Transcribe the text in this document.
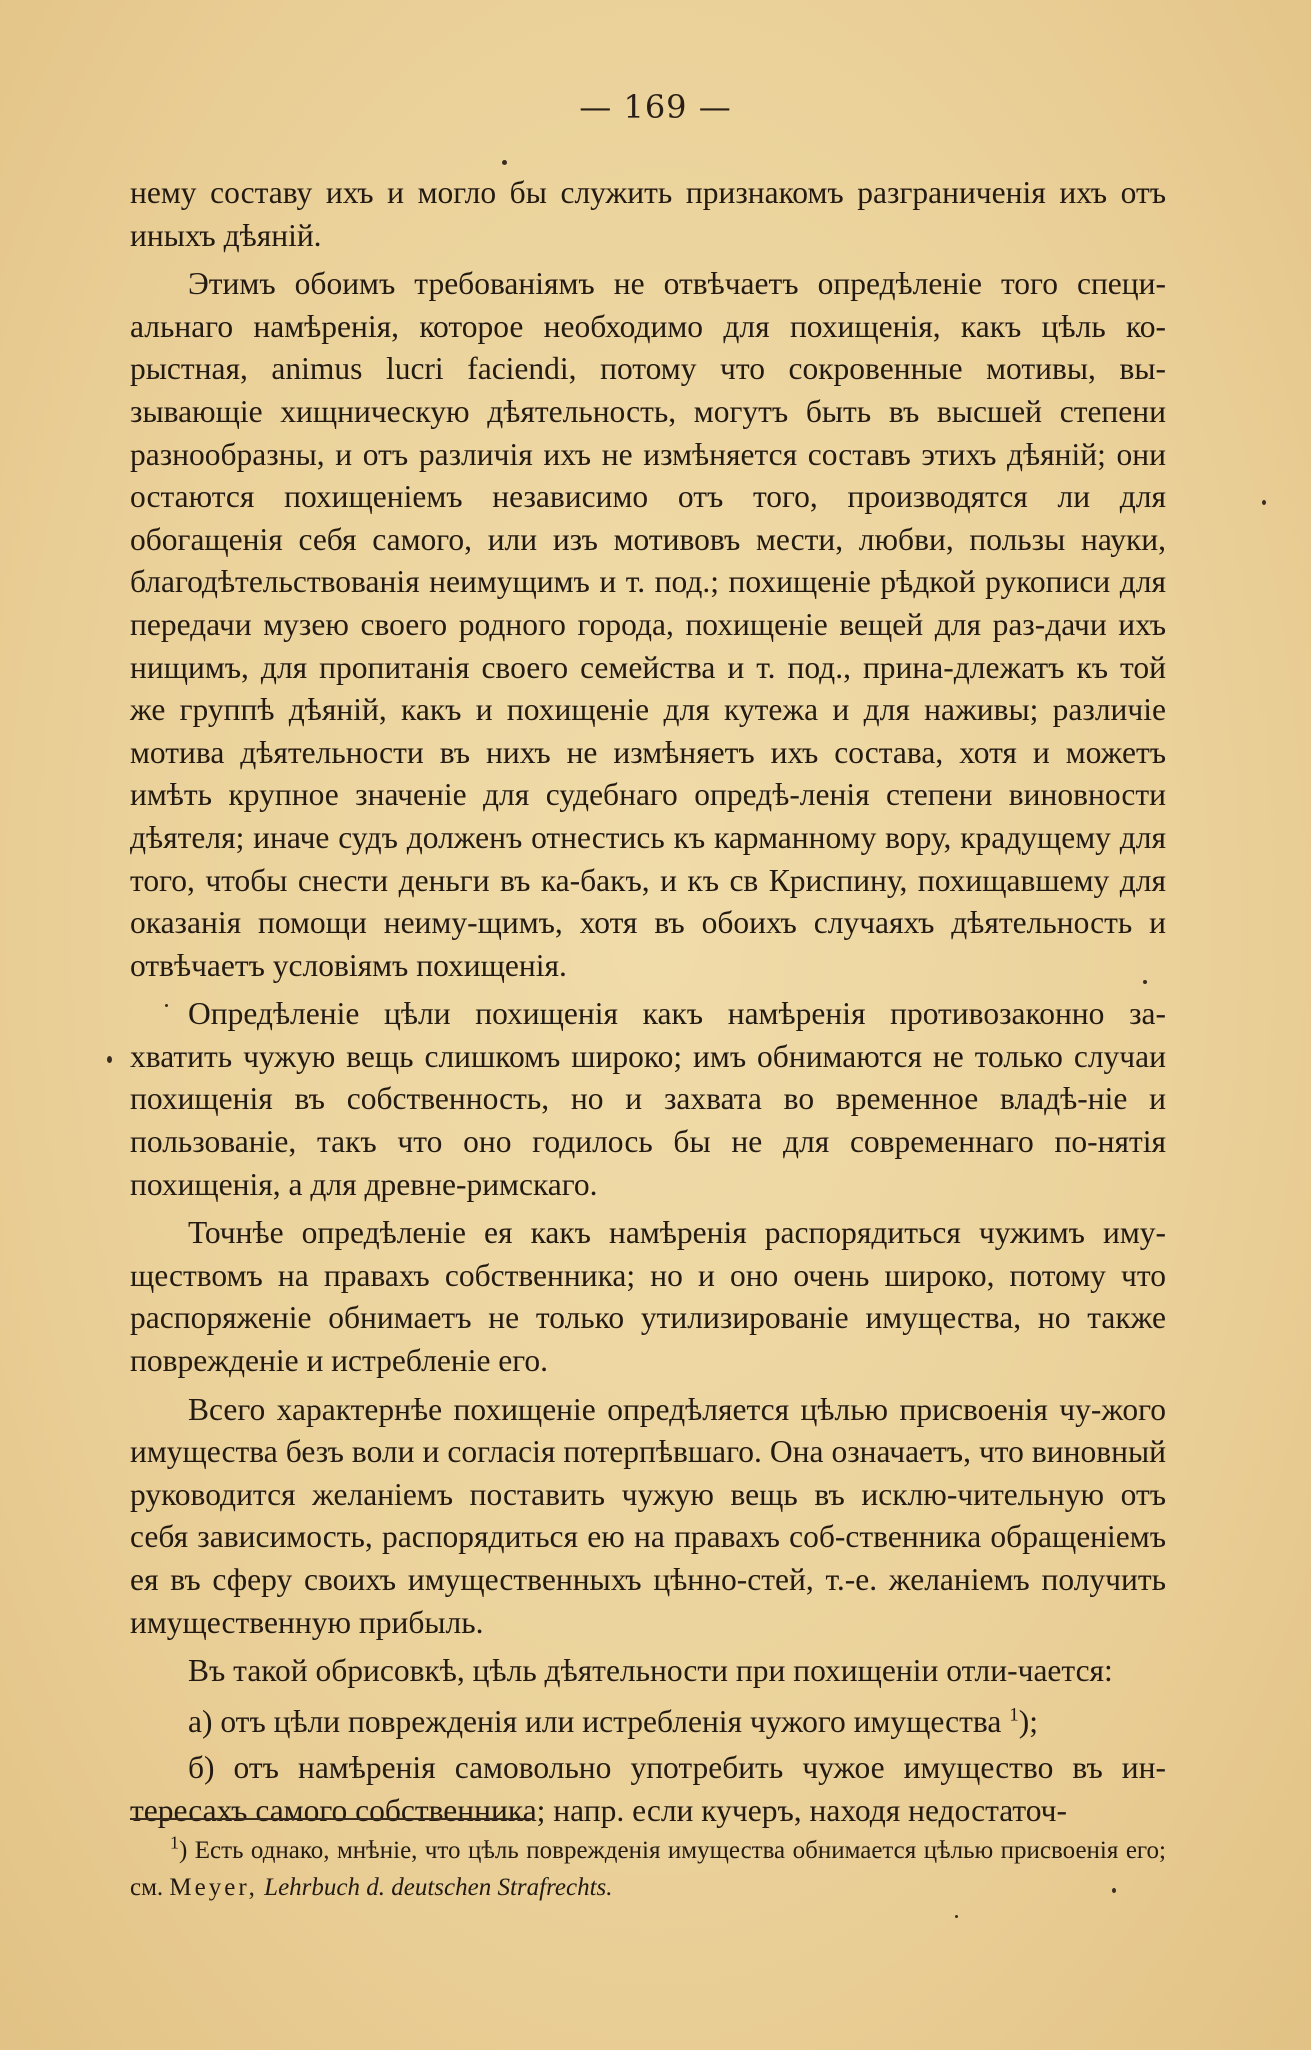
— 169 —

нему составу ихъ и могло бы служить признакомъ разграниченія ихъ отъ иныхъ дѣяній.

Этимъ обоимъ требованіямъ не отвѣчаетъ опредѣленіе того специ-альнаго намѣренія, которое необходимо для похищенія, какъ цѣль ко-рыстная, animus lucri faciendi, потому что сокровенные мотивы, вы-зывающіе хищническую дѣятельность, могутъ быть въ высшей степени разнообразны, и отъ различія ихъ не измѣняется составъ этихъ дѣяній; они остаются похищеніемъ независимо отъ того, производятся ли для обогащенія себя самого, или изъ мотивовъ мести, любви, пользы науки, благодѣтельствованія неимущимъ и т. под.; похищеніе рѣдкой рукописи для передачи музею своего родного города, похищеніе вещей для раз-дачи ихъ нищимъ, для пропитанія своего семейства и т. под., прина-длежатъ къ той же группѣ дѣяній, какъ и похищеніе для кутежа и для наживы; различіе мотива дѣятельности въ нихъ не измѣняетъ ихъ состава, хотя и можетъ имѣть крупное значеніе для судебнаго опредѣ-ленія степени виновности дѣятеля; иначе судъ долженъ отнестись къ карманному вору, крадущему для того, чтобы снести деньги въ ка-бакъ, и къ св Криспину, похищавшему для оказанія помощи неиму-щимъ, хотя въ обоихъ случаяхъ дѣятельность и отвѣчаетъ условіямъ похищенія.

Опредѣленіе цѣли похищенія какъ намѣренія противозаконно за-хватить чужую вещь слишкомъ широко; имъ обнимаются не только случаи похищенія въ собственность, но и захвата во временное владѣ-ніе и пользованіе, такъ что оно годилось бы не для современнаго по-нятія похищенія, а для древне-римскаго.

Точнѣе опредѣленіе ея какъ намѣренія распорядиться чужимъ иму-ществомъ на правахъ собственника; но и оно очень широко, потому что распоряженіе обнимаетъ не только утилизированіе имущества, но также поврежденіе и истребленіе его.

Всего характернѣе похищеніе опредѣляется цѣлью присвоенія чу-жого имущества безъ воли и согласія потерпѣвшаго. Она означаетъ, что виновный руководится желаніемъ поставить чужую вещь въ исклю-чительную отъ себя зависимость, распорядиться ею на правахъ соб-ственника обращеніемъ ея въ сферу своихъ имущественныхъ цѣнно-стей, т.-е. желаніемъ получить имущественную прибыль.

Въ такой обрисовкѣ, цѣль дѣятельности при похищеніи отли-чается:

а) отъ цѣли поврежденія или истребленія чужого имущества $^1$);

б) отъ намѣренія самовольно употребить чужое имущество въ ин-тересахъ самого собственника; напр. если кучеръ, находя недостаточ-

$^1$) Есть однако, мнѣніе, что цѣль поврежденія имущества обнимается цѣлью присвоенія его; см. Meyer, Lehrbuch d. deutschen Strafrechts.
